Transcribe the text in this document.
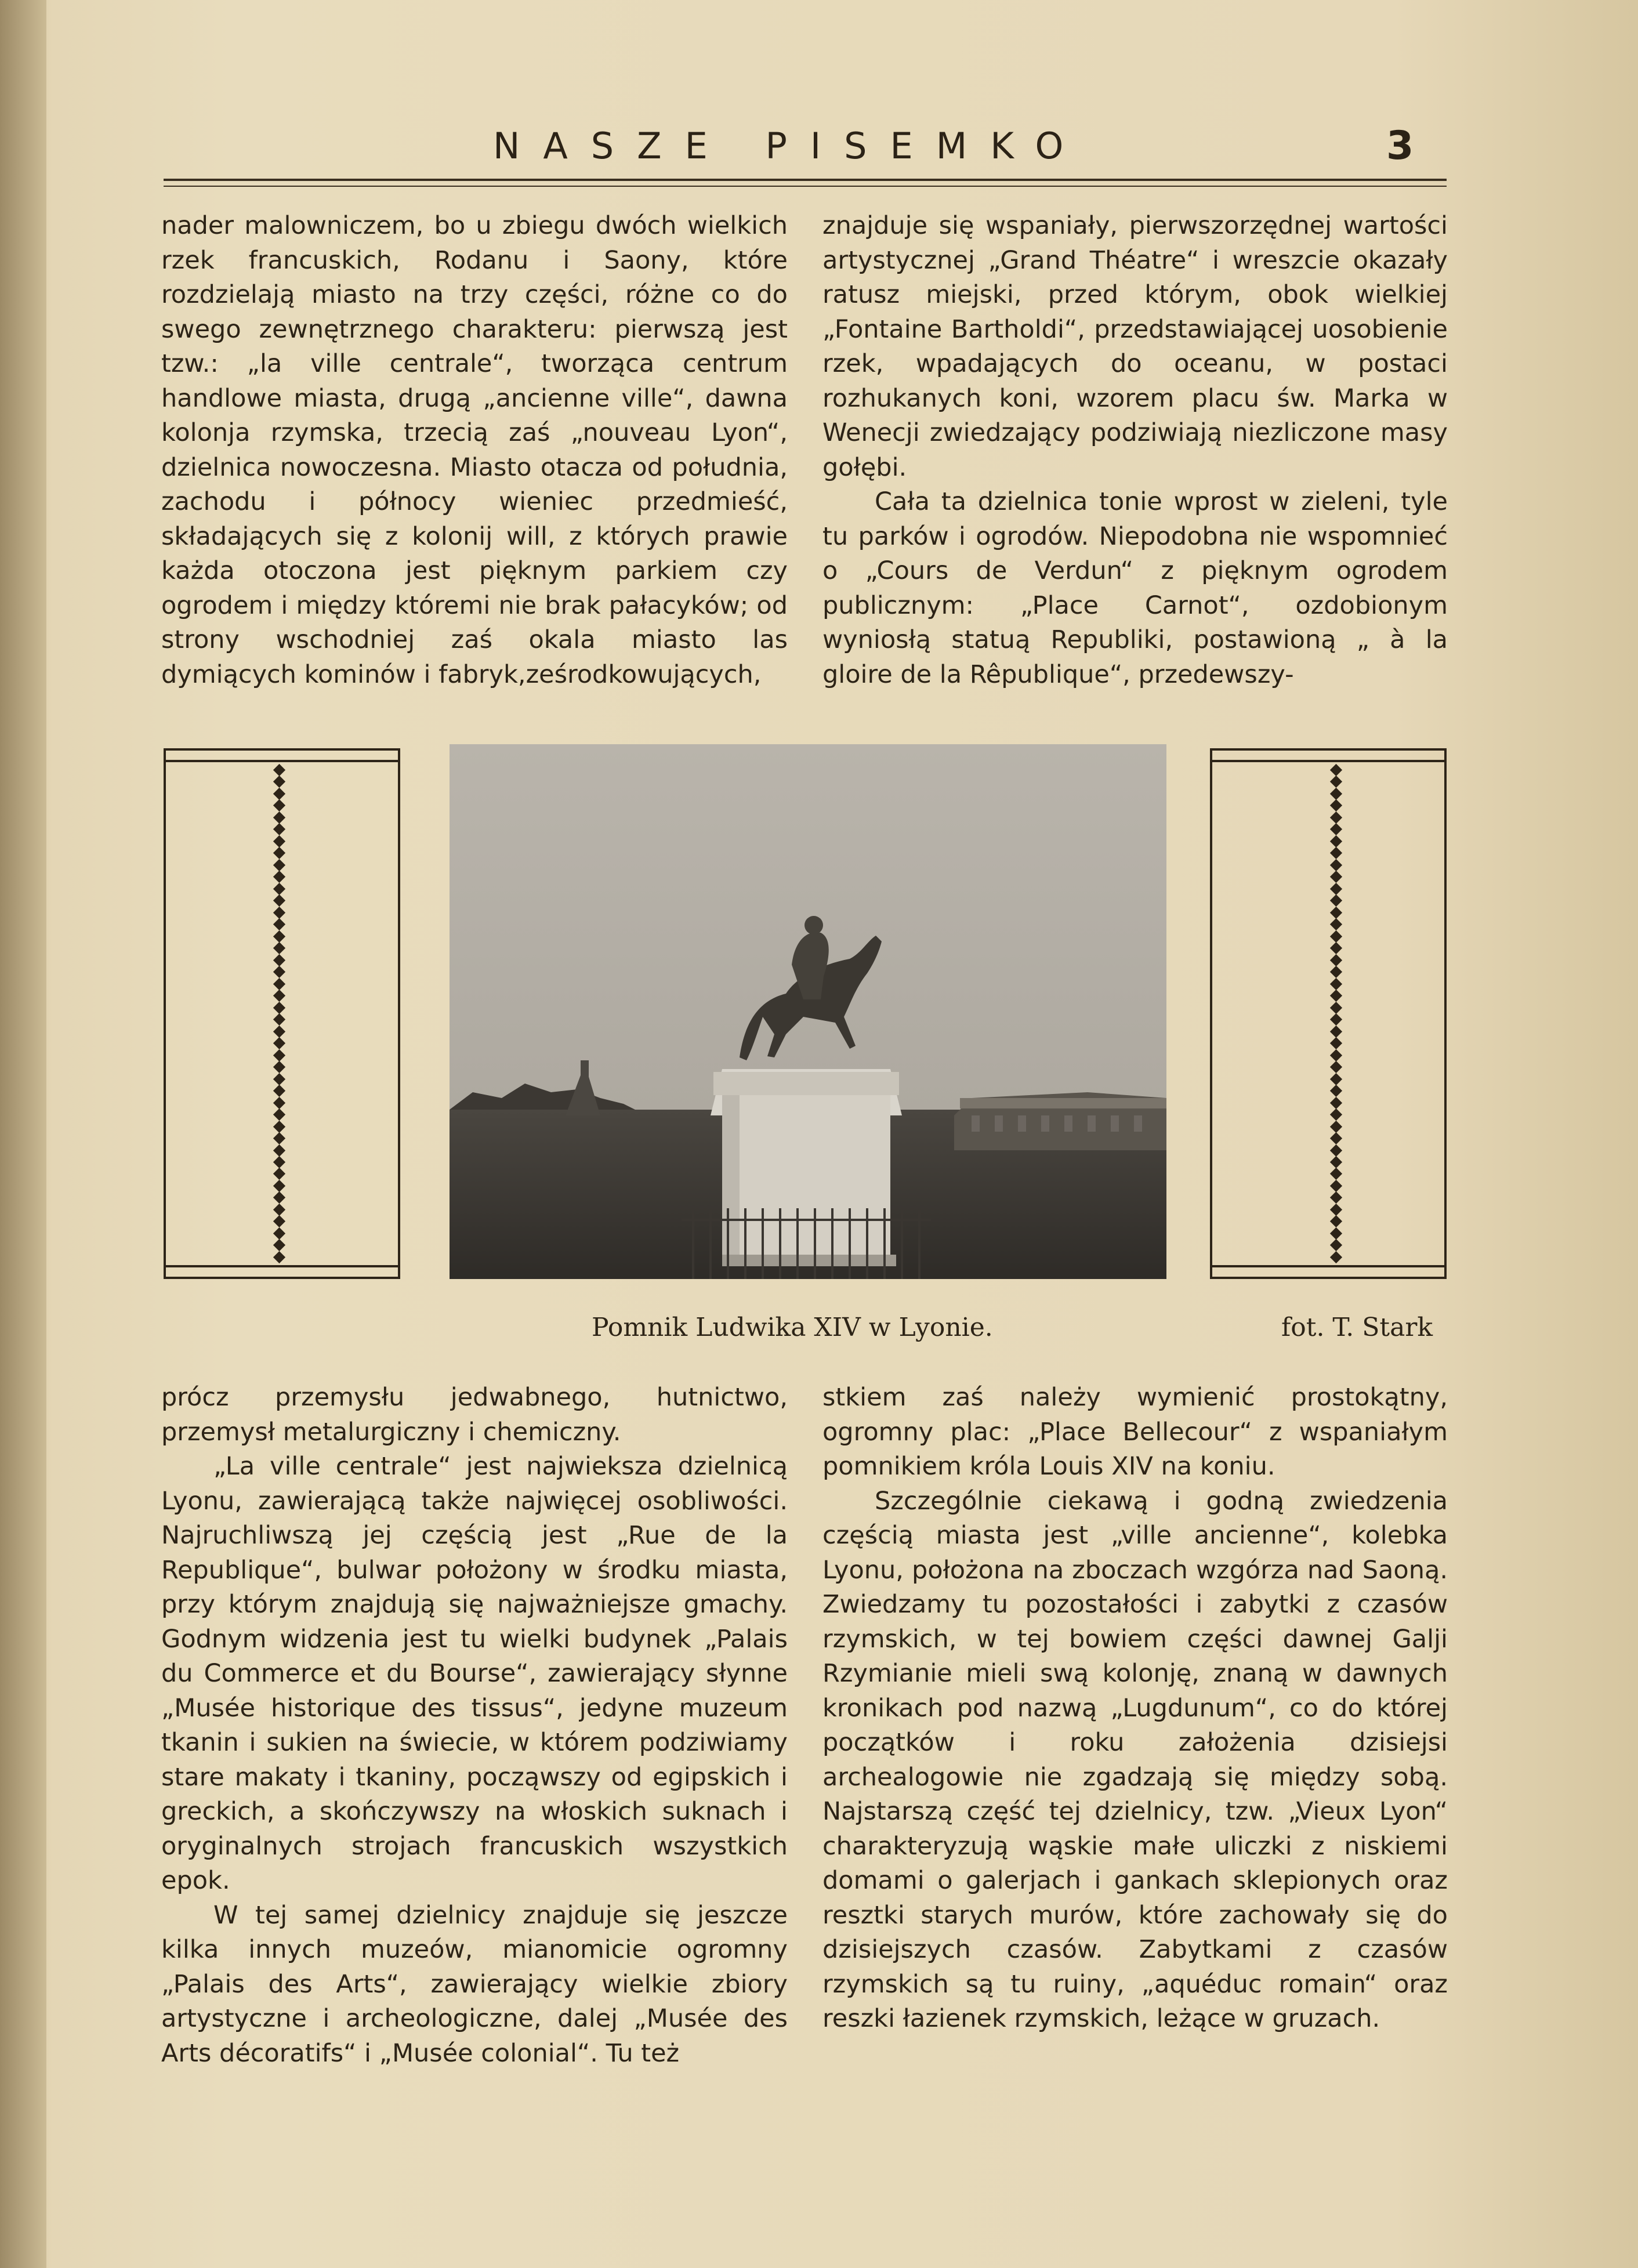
NASZE PISEMKO	3

nader malowniczem, bo u zbiegu dwóch wielkich rzek francuskich, Rodanu i Saony, które rozdzielają miasto na trzy części, różne co do swego zewnętrznego charakteru: pierwszą jest tzw.: „la ville centrale“, tworząca centrum handlowe miasta, drugą „ancienne ville“, dawna kolonja rzymska, trzecią zaś „nouveau Lyon“, dzielnica nowoczesna. Miasto otacza od południa, zachodu i północy wieniec przedmieść, składających się z kolonij will, z których prawie każda otoczona jest pięknym parkiem czy ogrodem i między któremi nie brak pałacyków; od strony wschodniej zaś okala miasto las dymiących kominów i fabryk,ześrodkowujących,

znajduje się wspaniały, pierwszorzędnej wartości artystycznej „Grand Théatre“ i wreszcie okazały ratusz miejski, przed którym, obok wielkiej „Fontaine Bartholdi“, przedstawiającej uosobienie rzek, wpadających do oceanu, w postaci rozhukanych koni, wzorem placu św. Marka w Wenecji zwiedzający podziwiają niezliczone masy gołębi.

Cała ta dzielnica tonie wprost w zieleni, tyle tu parków i ogrodów. Niepodobna nie wspomnieć o „Cours de Verdun“ z pięknym ogrodem publicznym: „Place Carnot“, ozdobionym wyniosłą statuą Republiki, postawioną „ à la gloire de la Rêpublique“, przedewszy-

Pomnik Ludwika XIV w Lyonie.	fot. T. Stark

prócz przemysłu jedwabnego, hutnictwo, przemysł metalurgiczny i chemiczny.

„La ville centrale“ jest najwieksza dzielnicą Lyonu, zawierającą także najwięcej osobliwości. Najruchliwszą jej częścią jest „Rue de la Republique“, bulwar położony w środku miasta, przy którym znajdują się najważniejsze gmachy. Godnym widzenia jest tu wielki budynek „Palais du Commerce et du Bourse“, zawierający słynne „Musée historique des tissus“, jedyne muzeum tkanin i sukien na świecie, w którem podziwiamy stare makaty i tkaniny, począwszy od egipskich i greckich, a skończywszy na włoskich suknach i oryginalnych strojach francuskich wszystkich epok.

W tej samej dzielnicy znajduje się jeszcze kilka innych muzeów, mianomicie ogromny „Palais des Arts“, zawierający wielkie zbiory artystyczne i archeologiczne, dalej „Musée des Arts décoratifs“ i „Musée colonial“. Tu też

stkiem zaś należy wymienić prostokątny, ogromny plac: „Place Bellecour“ z wspaniałym pomnikiem króla Louis XIV na koniu.

Szczególnie ciekawą i godną zwiedzenia częścią miasta jest „ville ancienne“, kolebka Lyonu, położona na zboczach wzgórza nad Saoną. Zwiedzamy tu pozostałości i zabytki z czasów rzymskich, w tej bowiem części dawnej Galji Rzymianie mieli swą kolonję, znaną w dawnych kronikach pod nazwą „Lugdunum“, co do której początków i roku założenia dzisiejsi archealogowie nie zgadzają się między sobą. Najstarszą część tej dzielnicy, tzw. „Vieux Lyon“ charakteryzują wąskie małe uliczki z niskiemi domami o galerjach i gankach sklepionych oraz resztki starych murów, które zachowały się do dzisiejszych czasów. Zabytkami z czasów rzymskich są tu ruiny, „aquéduc romain“ oraz reszki łazienek rzymskich, leżące w gruzach.
